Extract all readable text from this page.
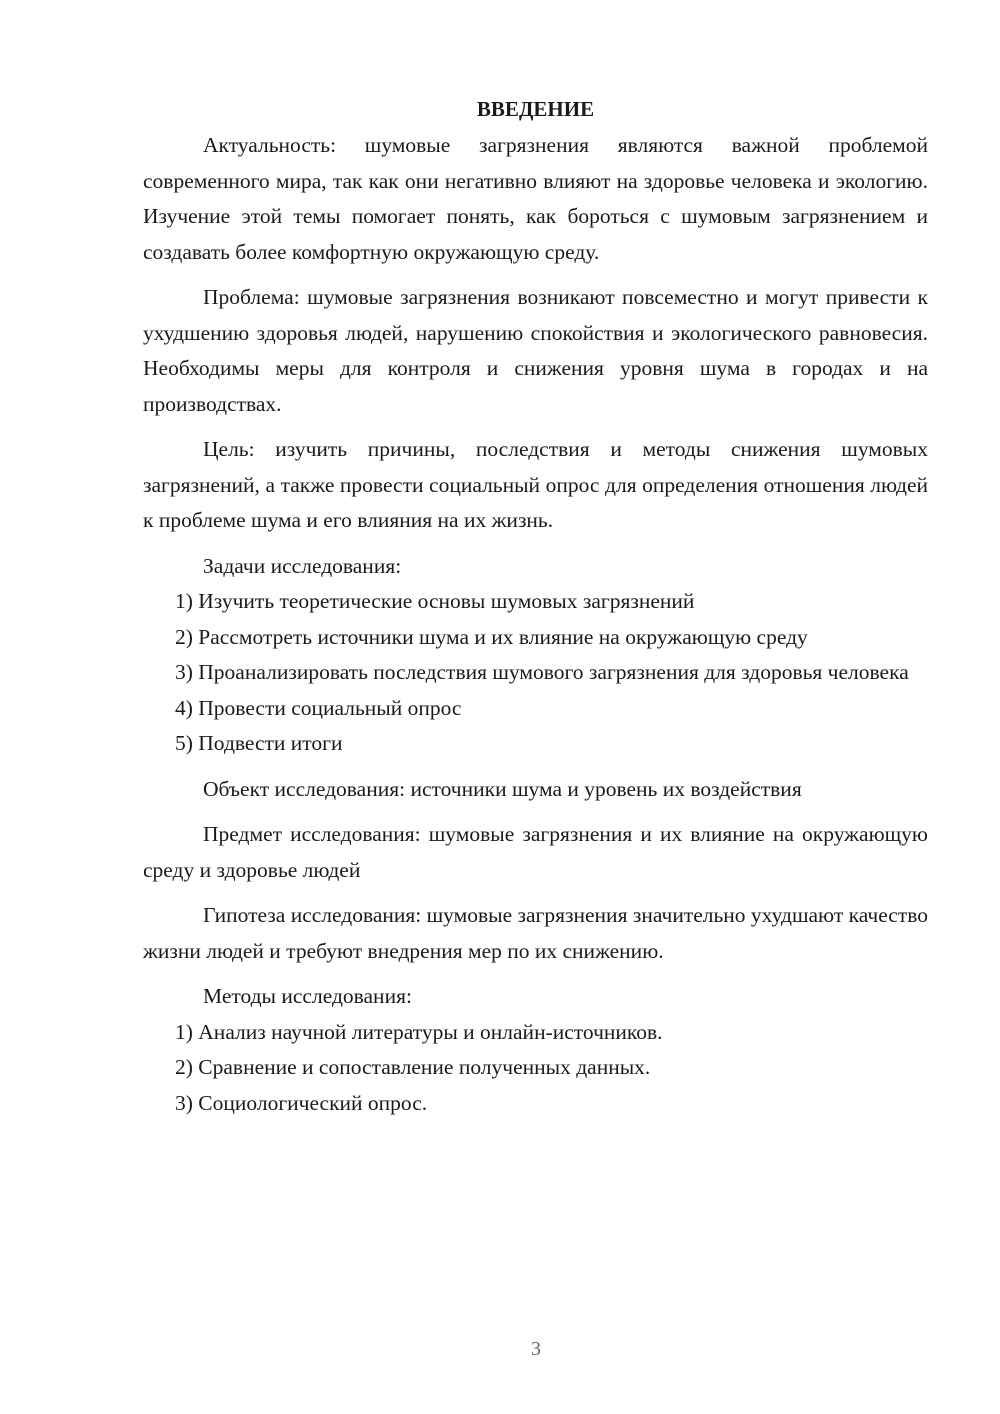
ВВЕДЕНИЕ

Актуальность: шумовые загрязнения являются важной проблемой современного мира, так как они негативно влияют на здоровье человека и экологию. Изучение этой темы помогает понять, как бороться с шумовым загрязнением и создавать более комфортную окружающую среду.

Проблема: шумовые загрязнения возникают повсеместно и могут привести к ухудшению здоровья людей, нарушению спокойствия и экологического равновесия. Необходимы меры для контроля и снижения уровня шума в городах и на производствах.

Цель: изучить причины, последствия и методы снижения шумовых загрязнений, а также провести социальный опрос для определения отношения людей к проблеме шума и его влияния на их жизнь.

Задачи исследования:

1) Изучить теоретические основы шумовых загрязнений

2) Рассмотреть источники шума и их влияние на окружающую среду

3) Проанализировать последствия шумового загрязнения для здоровья человека

4) Провести социальный опрос

5) Подвести итоги

Объект исследования: источники шума и уровень их воздействия

Предмет исследования: шумовые загрязнения и их влияние на окружающую среду и здоровье людей

Гипотеза исследования: шумовые загрязнения значительно ухудшают качество жизни людей и требуют внедрения мер по их снижению.

Методы исследования:

1) Анализ научной литературы и онлайн-источников.

2) Сравнение и сопоставление полученных данных.

3) Социологический опрос.

3
